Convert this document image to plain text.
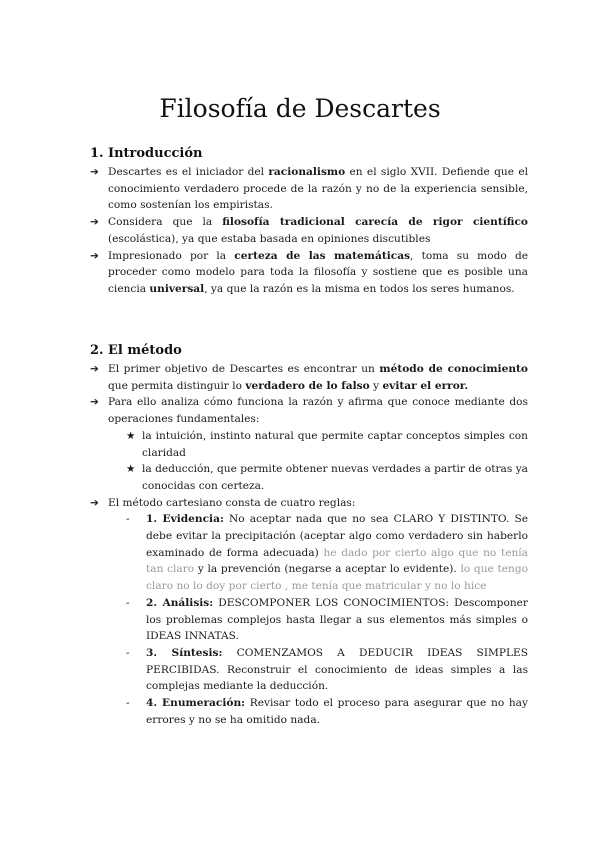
Filosofía de Descartes
1. Introducción
➔ Descartes es el iniciador del racionalismo en el siglo XVII. Defiende que el conocimiento verdadero procede de la razón y no de la experiencia sensible, como sostenían los empiristas.
➔ Considera que la filosofía tradicional carecía de rigor científico (escolástica), ya que estaba basada en opiniones discutibles
➔ Impresionado por la certeza de las matemáticas, toma su modo de proceder como modelo para toda la filosofía y sostiene que es posible una ciencia universal, ya que la razón es la misma en todos los seres humanos.
2. El método
➔ El primer objetivo de Descartes es encontrar un método de conocimiento que permita distinguir lo verdadero de lo falso y evitar el error.
➔ Para ello analiza cómo funciona la razón y afirma que conoce mediante dos operaciones fundamentales:
★ la intuición, instinto natural que permite captar conceptos simples con claridad
★ la deducción, que permite obtener nuevas verdades a partir de otras ya conocidas con certeza.
➔ El método cartesiano consta de cuatro reglas:
- 1. Evidencia: No aceptar nada que no sea CLARO Y DISTINTO. Se debe evitar la precipitación (aceptar algo como verdadero sin haberlo examinado de forma adecuada) he dado por cierto algo que no tenía tan claro y la prevención (negarse a aceptar lo evidente). lo que tengo claro no lo doy por cierto , me tenía que matricular y no lo hice
- 2. Análisis: DESCOMPONER LOS CONOCIMIENTOS: Descomponer los problemas complejos hasta llegar a sus elementos más simples o IDEAS INNATAS.
- 3. Síntesis: COMENZAMOS A DEDUCIR IDEAS SIMPLES PERCIBIDAS. Reconstruir el conocimiento de ideas simples a las complejas mediante la deducción.
- 4. Enumeración: Revisar todo el proceso para asegurar que no hay errores y no se ha omitido nada.
